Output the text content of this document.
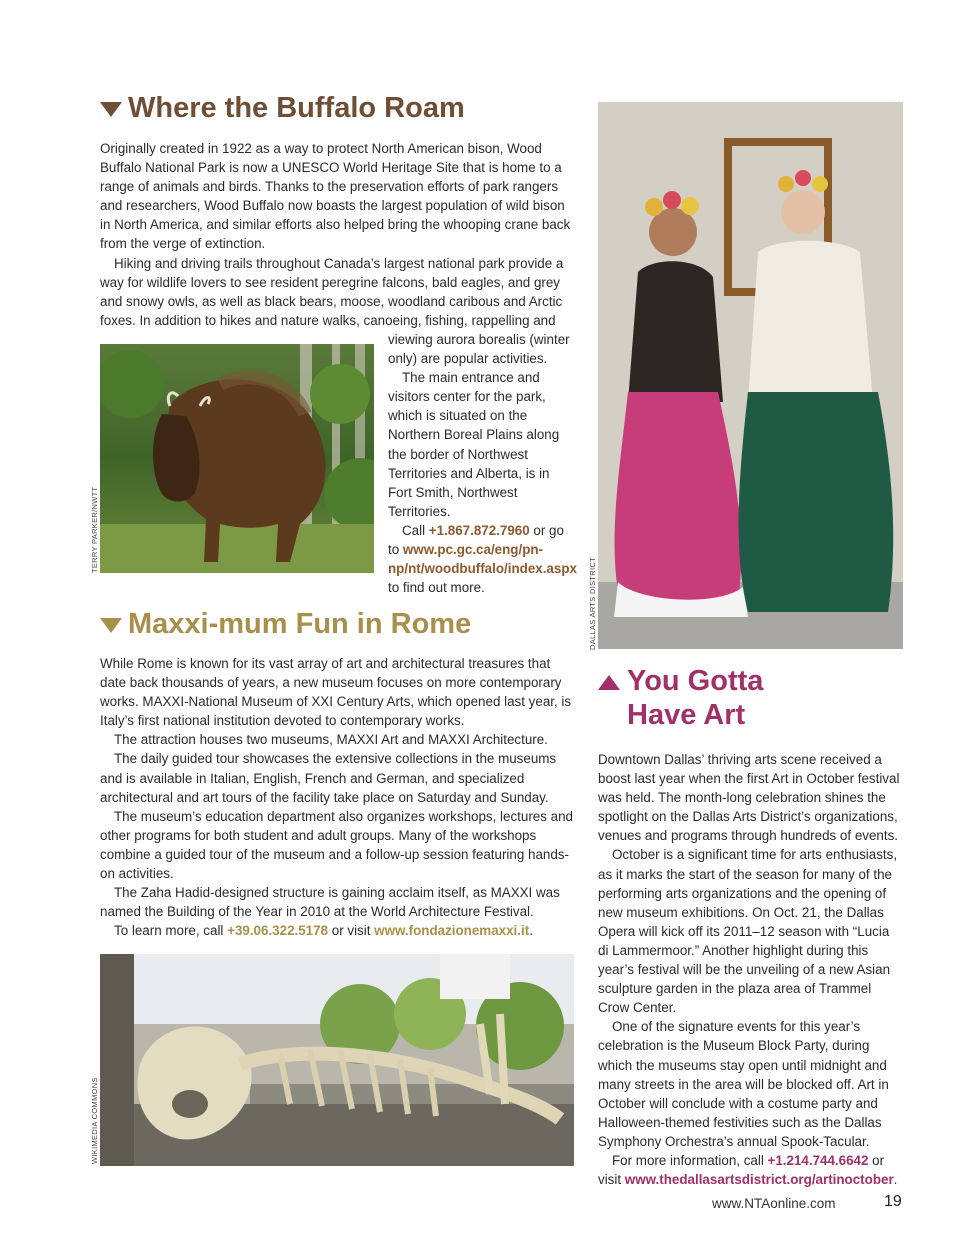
Where the Buffalo Roam

Originally created in 1922 as a way to protect North American bison, Wood Buffalo National Park is now a UNESCO World Heritage Site that is home to a range of animals and birds. Thanks to the preservation efforts of park rangers and researchers, Wood Buffalo now boasts the largest population of wild bison in North America, and similar efforts also helped bring the whooping crane back from the verge of extinction.

Hiking and driving trails throughout Canada’s largest national park provide a way for wildlife lovers to see resident peregrine falcons, bald eagles, and grey and snowy owls, as well as black bears, moose, woodland caribous and Arctic foxes. In addition to hikes and nature walks, canoeing, fishing, rappelling and

TERRY PARKER/NWTT

viewing aurora borealis (winter only) are popular activities.

The main entrance and visitors center for the park, which is situated on the Northern Boreal Plains along the border of Northwest Territories and Alberta, is in Fort Smith, Northwest Territories.

Call +1.867.872.7960 or go to www.pc.gc.ca/eng/pn-np/nt/woodbuffalo/index.aspx to find out more.

Maxxi-mum Fun in Rome

While Rome is known for its vast array of art and architectural treasures that date back thousands of years, a new museum focuses on more contemporary works. MAXXI-National Museum of XXI Century Arts, which opened last year, is Italy’s first national institution devoted to contemporary works.

The attraction houses two museums, MAXXI Art and MAXXI Architecture.

The daily guided tour showcases the extensive collections in the museums and is available in Italian, English, French and German, and specialized architectural and art tours of the facility take place on Saturday and Sunday.

The museum’s education department also organizes workshops, lectures and other programs for both student and adult groups. Many of the workshops combine a guided tour of the museum and a follow-up session featuring hands-on activities.

The Zaha Hadid-designed structure is gaining acclaim itself, as MAXXI was named the Building of the Year in 2010 at the World Architecture Festival.

To learn more, call +39.06.322.5178 or visit www.fondazionemaxxi.it.

WIKIMEDIA COMMONS
DALLAS ARTS DISTRICT
You Gotta
Have Art

Downtown Dallas’ thriving arts scene received a boost last year when the first Art in October festival was held. The month-long celebration shines the spotlight on the Dallas Arts District’s organizations, venues and programs through hundreds of events.

October is a significant time for arts enthusiasts, as it marks the start of the season for many of the performing arts organizations and the opening of new museum exhibitions. On Oct. 21, the Dallas Opera will kick off its 2011–12 season with “Lucia di Lammermoor.” Another highlight during this year’s festival will be the unveiling of a new Asian sculpture garden in the plaza area of Trammel Crow Center.

One of the signature events for this year’s celebration is the Museum Block Party, during which the museums stay open until midnight and many streets in the area will be blocked off. Art in October will conclude with a costume party and Halloween-themed festivities such as the Dallas Symphony Orchestra’s annual Spook-Tacular.

For more information, call +1.214.744.6642 or visit www.thedallasartsdistrict.org/artinoctober.

www.NTAonline.com	19
